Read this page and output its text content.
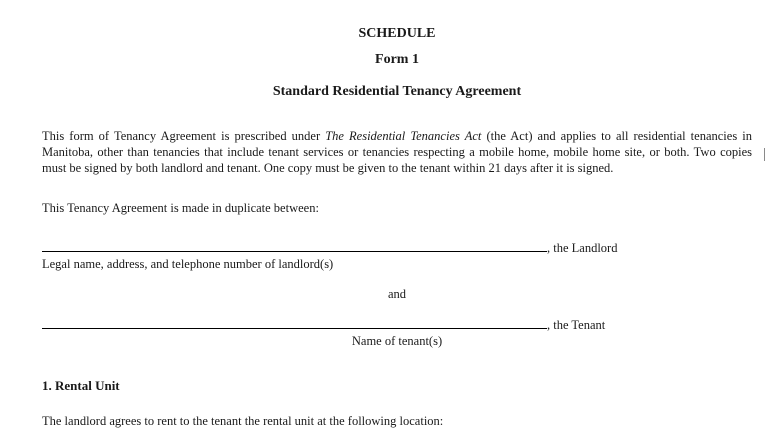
SCHEDULE
Form 1
Standard Residential Tenancy Agreement

This form of Tenancy Agreement is prescribed under The Residential Tenancies Act (the Act) and applies to all residential tenancies in Manitoba, other than tenancies that include tenant services or tenancies respecting a mobile home, mobile home site, or both. Two copies must be signed by both landlord and tenant. One copy must be given to the tenant within 21 days after it is signed.

This Tenancy Agreement is made in duplicate between:
, the Landlord
Legal name, address, and telephone number of landlord(s)
and
, the Tenant
Name of tenant(s)
1. Rental Unit
The landlord agrees to rent to the tenant the rental unit at the following location:
